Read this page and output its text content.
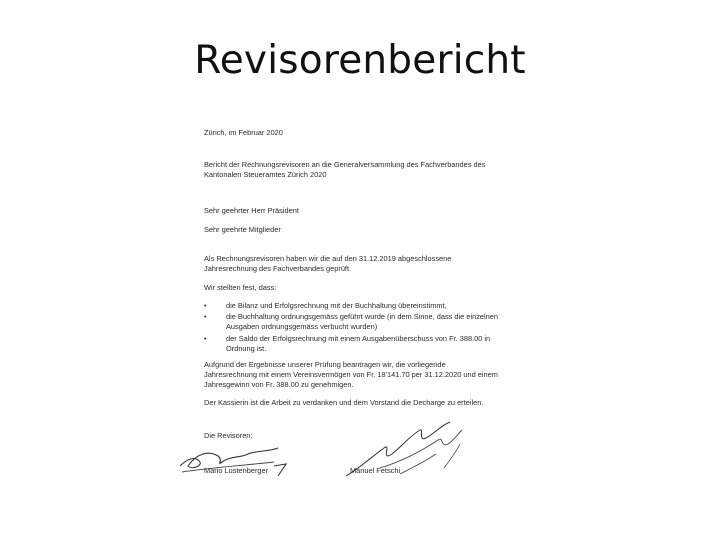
Revisorenbericht
Zürich, im Februar 2020
Bericht der Rechnungsrevisoren an die Generalversammlung des Fachverbandes des
Kantonalen Steueramtes Zürich 2020
Sehr geehrter Herr Präsident
Sehr geehrte Mitglieder
Als Rechnungsrevisoren haben wir die auf den 31.12.2019 abgeschlossene
Jahresrechnung des Fachverbandes geprüft.
Wir stellten fest, dass:
•	die Bilanz und Erfolgsrechnung mit der Buchhaltung übereinstimmt,
•	die Buchhaltung ordnungsgemäss geführt wurde (in dem Sinne, dass die einzelnen
Ausgaben ordnungsgemäss verbucht wurden)
•	der Saldo der Erfolgsrechnung mit einem Ausgabenüberschuss von Fr. 388.00 in
Ordnung ist.
Aufgrund der Ergebnisse unserer Prüfung beantragen wir, die vorliegende
Jahresrechnung mit einem Vereinsvermögen von Fr. 18'141.70 per 31.12.2020 und einem
Jahresgewinn von Fr. 388.00 zu genehmigen.
Der Kassierin ist die Arbeit zu verdanken und dem Vorstand die Decharge zu erteilen.
Die Revisoren:
Mario Lustenberger	Manuel Fetschi
